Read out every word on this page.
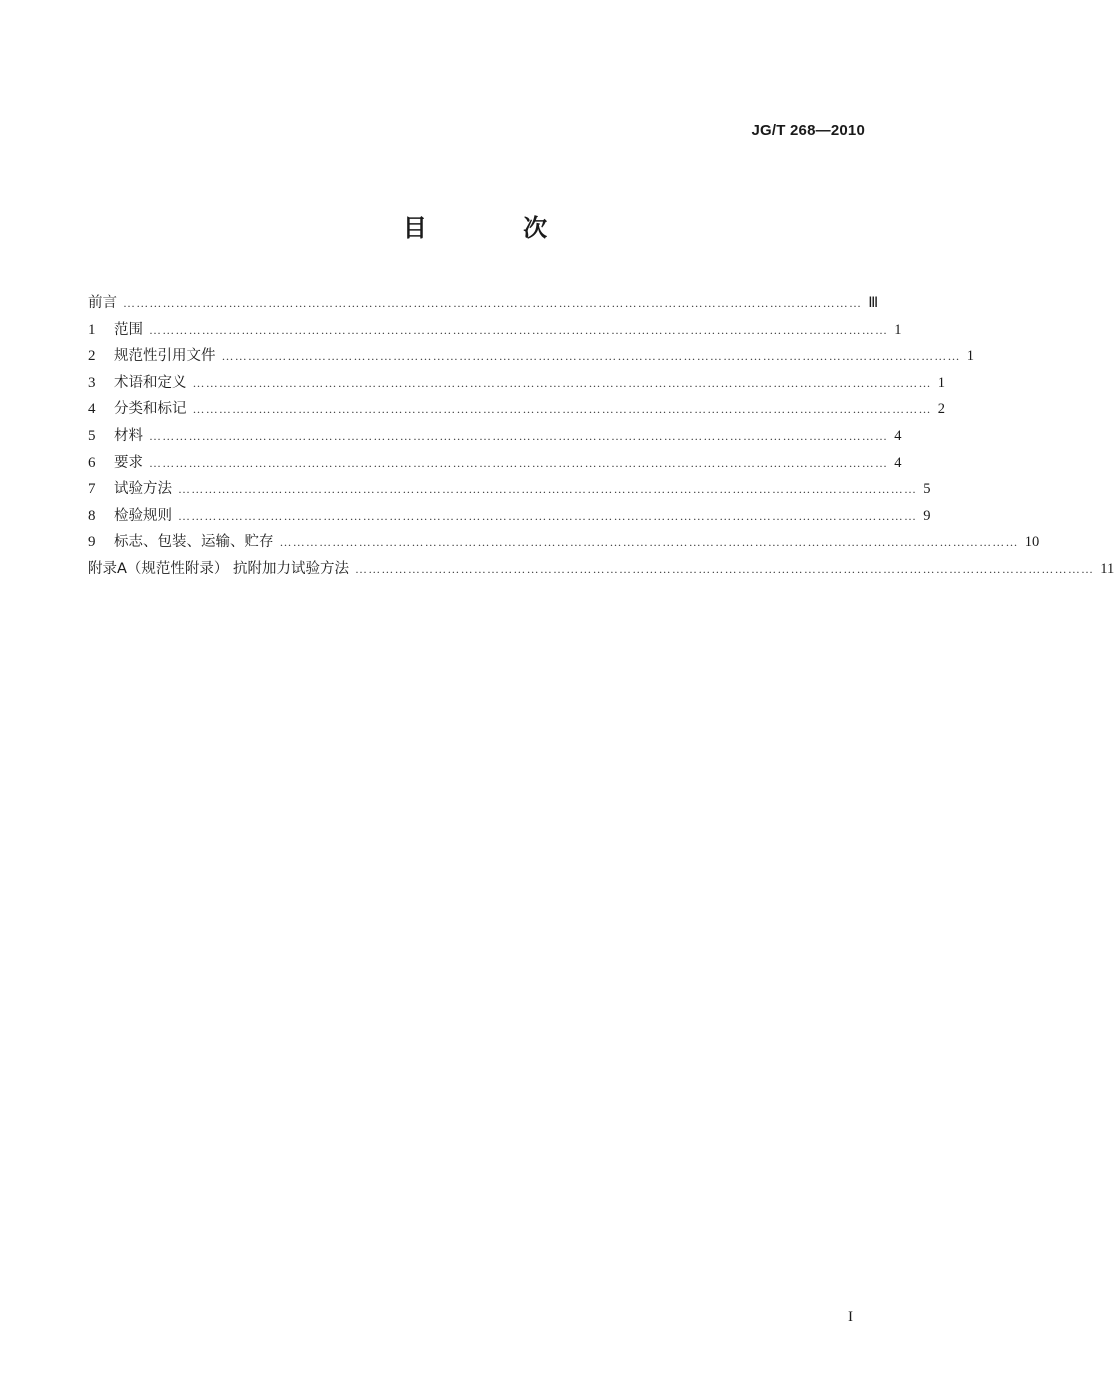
JG/T 268—2010
目 次
前言 …………………………………………………………………………………………………………………………………………………… Ⅲ
1	范围 …………………………………………………………………………………………………………………………………………………… 1
2	规范性引用文件 …………………………………………………………………………………………………………………………………………………… 1
3	术语和定义 …………………………………………………………………………………………………………………………………………………… 1
4	分类和标记 …………………………………………………………………………………………………………………………………………………… 2
5	材料 …………………………………………………………………………………………………………………………………………………… 4
6	要求 …………………………………………………………………………………………………………………………………………………… 4
7	试验方法 …………………………………………………………………………………………………………………………………………………… 5
8	检验规则 …………………………………………………………………………………………………………………………………………………… 9
9	标志、包装、运输、贮存 …………………………………………………………………………………………………………………………………………………… 10
附录A（规范性附录） 抗附加力试验方法 …………………………………………………………………………………………………………………………………………………… 11
I
